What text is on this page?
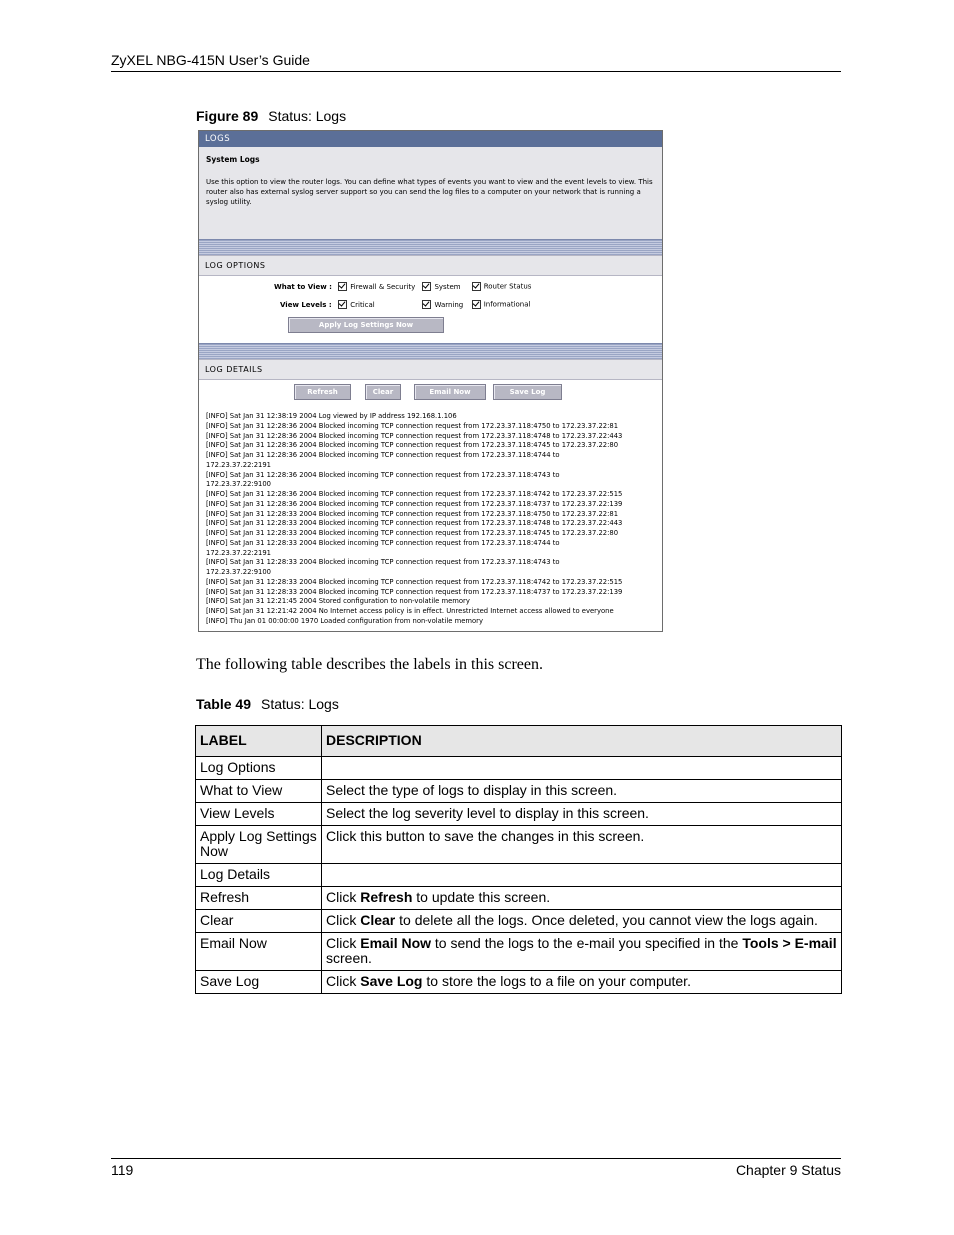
ZyXEL NBG-415N User’s Guide
Figure 89 Status: Logs
LOGS
System Logs
Use this option to view the router logs. You can define what types of events you want to view and the event levels to view. This router also has external syslog server support so you can send the log files to a computer on your network that is running a syslog utility.
LOG OPTIONS
What to View :	Firewall & Security	System	Router Status
View Levels :	Critical	Warning	Informational
Apply Log Settings Now
LOG DETAILS
Refresh	Clear	Email Now	Save Log
[INFO] Sat Jan 31 12:38:19 2004 Log viewed by IP address 192.168.1.106
[INFO] Sat Jan 31 12:28:36 2004 Blocked incoming TCP connection request from 172.23.37.118:4750 to 172.23.37.22:81
[INFO] Sat Jan 31 12:28:36 2004 Blocked incoming TCP connection request from 172.23.37.118:4748 to 172.23.37.22:443
[INFO] Sat Jan 31 12:28:36 2004 Blocked incoming TCP connection request from 172.23.37.118:4745 to 172.23.37.22:80
[INFO] Sat Jan 31 12:28:36 2004 Blocked incoming TCP connection request from 172.23.37.118:4744 to
172.23.37.22:2191
[INFO] Sat Jan 31 12:28:36 2004 Blocked incoming TCP connection request from 172.23.37.118:4743 to
172.23.37.22:9100
[INFO] Sat Jan 31 12:28:36 2004 Blocked incoming TCP connection request from 172.23.37.118:4742 to 172.23.37.22:515
[INFO] Sat Jan 31 12:28:36 2004 Blocked incoming TCP connection request from 172.23.37.118:4737 to 172.23.37.22:139
[INFO] Sat Jan 31 12:28:33 2004 Blocked incoming TCP connection request from 172.23.37.118:4750 to 172.23.37.22:81
[INFO] Sat Jan 31 12:28:33 2004 Blocked incoming TCP connection request from 172.23.37.118:4748 to 172.23.37.22:443
[INFO] Sat Jan 31 12:28:33 2004 Blocked incoming TCP connection request from 172.23.37.118:4745 to 172.23.37.22:80
[INFO] Sat Jan 31 12:28:33 2004 Blocked incoming TCP connection request from 172.23.37.118:4744 to
172.23.37.22:2191
[INFO] Sat Jan 31 12:28:33 2004 Blocked incoming TCP connection request from 172.23.37.118:4743 to
172.23.37.22:9100
[INFO] Sat Jan 31 12:28:33 2004 Blocked incoming TCP connection request from 172.23.37.118:4742 to 172.23.37.22:515
[INFO] Sat Jan 31 12:28:33 2004 Blocked incoming TCP connection request from 172.23.37.118:4737 to 172.23.37.22:139
[INFO] Sat Jan 31 12:21:45 2004 Stored configuration to non-volatile memory
[INFO] Sat Jan 31 12:21:42 2004 No Internet access policy is in effect. Unrestricted Internet access allowed to everyone
[INFO] Thu Jan 01 00:00:00 1970 Loaded configuration from non-volatile memory
The following table describes the labels in this screen.
Table 49 Status: Logs
LABEL	DESCRIPTION
Log Options	
What to View	Select the type of logs to display in this screen.
View Levels	Select the log severity level to display in this screen.
Apply Log Settings Now	Click this button to save the changes in this screen.
Log Details	
Refresh	Click Refresh to update this screen.
Clear	Click Clear to delete all the logs. Once deleted, you cannot view the logs again.
Email Now	Click Email Now to send the logs to the e-mail you specified in the Tools > E-mail screen.
Save Log	Click Save Log to store the logs to a file on your computer.
119	Chapter 9 Status
